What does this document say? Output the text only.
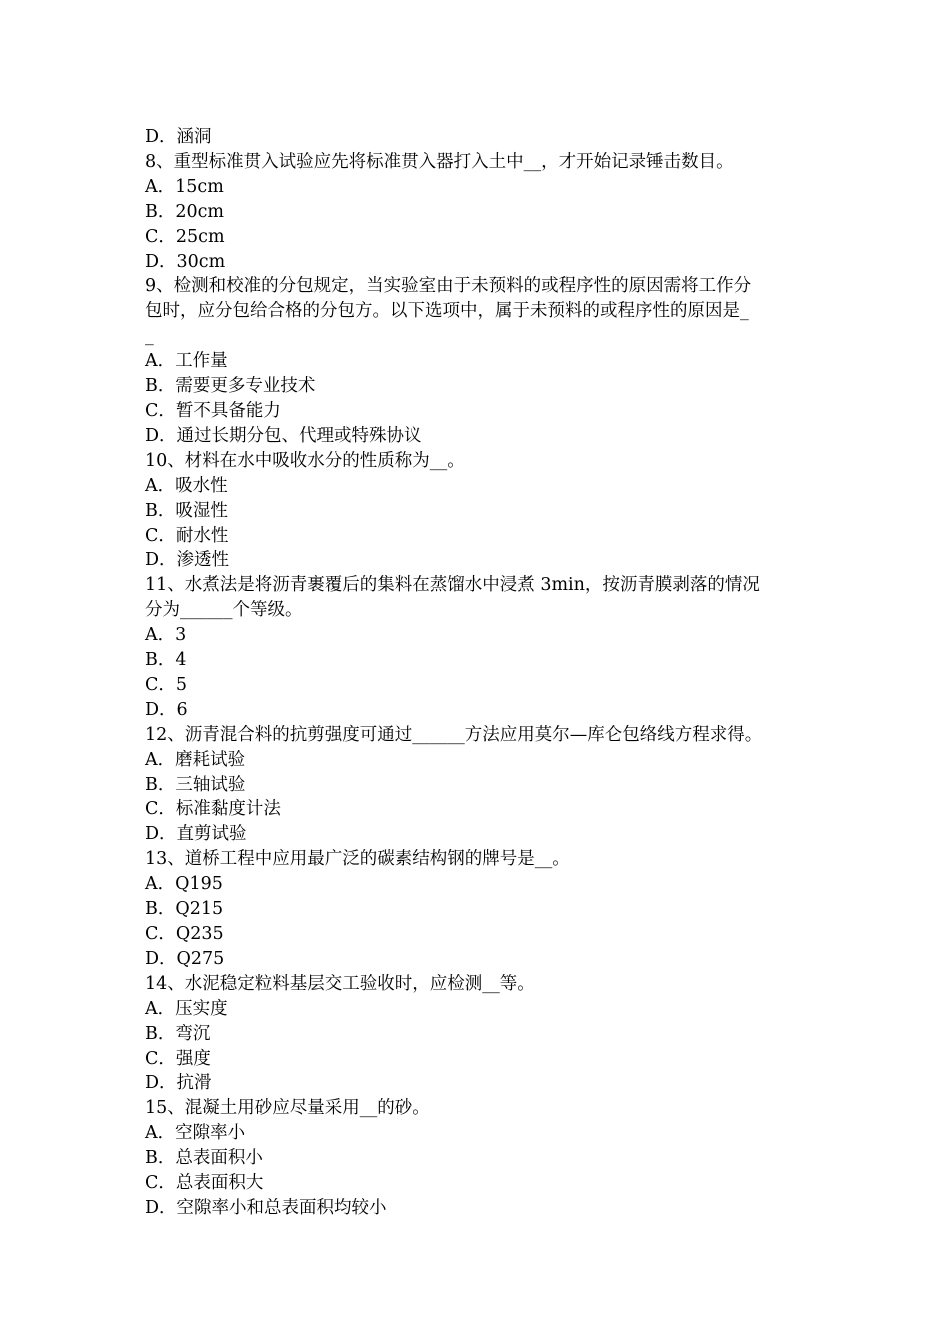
D．涵洞
8、重型标准贯入试验应先将标准贯入器打入土中__，才开始记录锤击数目。
A．15cm
B．20cm
C．25cm
D．30cm
9、检测和校准的分包规定，当实验室由于未预料的或程序性的原因需将工作分
包时，应分包给合格的分包方。以下选项中，属于未预料的或程序性的原因是_
_
A．工作量
B．需要更多专业技术
C．暂不具备能力
D．通过长期分包、代理或特殊协议
10、材料在水中吸收水分的性质称为__。
A．吸水性
B．吸湿性
C．耐水性
D．渗透性
11、水煮法是将沥青裹覆后的集料在蒸馏水中浸煮 3min，按沥青膜剥落的情况
分为______个等级。
A．3
B．4
C．5
D．6
12、沥青混合料的抗剪强度可通过______方法应用莫尔—库仑包络线方程求得。
A．磨耗试验
B．三轴试验
C．标准黏度计法
D．直剪试验
13、道桥工程中应用最广泛的碳素结构钢的牌号是__。
A．Q195
B．Q215
C．Q235
D．Q275
14、水泥稳定粒料基层交工验收时，应检测__等。
A．压实度
B．弯沉
C．强度
D．抗滑
15、混凝土用砂应尽量采用__的砂。
A．空隙率小
B．总表面积小
C．总表面积大
D．空隙率小和总表面积均较小
